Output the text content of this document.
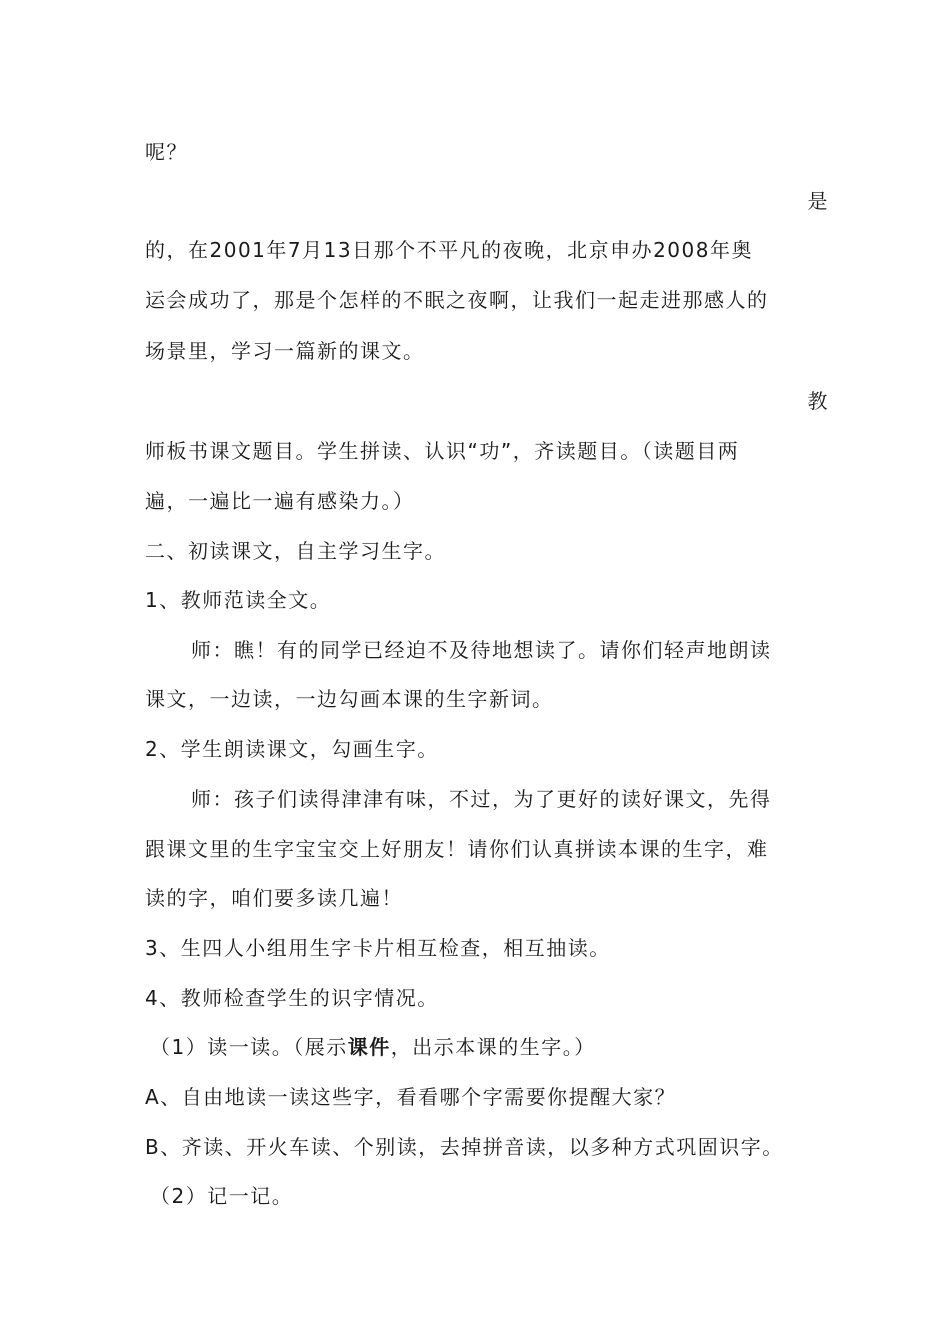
呢？
是
的，在2001年7月13日那个不平凡的夜晚，北京申办2008年奥
运会成功了，那是个怎样的不眠之夜啊，让我们一起走进那感人的
场景里，学习一篇新的课文。
教
师板书课文题目。学生拼读、认识“功”，齐读题目。（读题目两
遍，一遍比一遍有感染力。）
二、初读课文，自主学习生字。
1、教师范读全文。
师：瞧！有的同学已经迫不及待地想读了。请你们轻声地朗读
课文，一边读，一边勾画本课的生字新词。
2、学生朗读课文，勾画生字。
师：孩子们读得津津有味，不过，为了更好的读好课文，先得
跟课文里的生字宝宝交上好朋友！请你们认真拼读本课的生字，难
读的字，咱们要多读几遍！
3、生四人小组用生字卡片相互检查，相互抽读。
4、教师检查学生的识字情况。
（1）读一读。（展示课件，出示本课的生字。）
A、自由地读一读这些字，看看哪个字需要你提醒大家？
B、齐读、开火车读、个别读，去掉拼音读，以多种方式巩固识字。
（2）记一记。
